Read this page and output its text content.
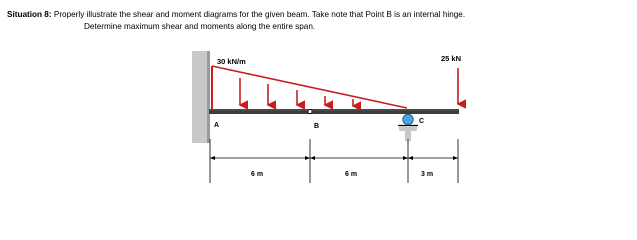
Situation 8: Properly illustrate the shear and moment diagrams for the given beam. Take note that Point B is an internal hinge.
Determine maximum shear and moments along the entire span.

30 kN/m	25 kN
A	B
C
6 m	6 m	3 m
